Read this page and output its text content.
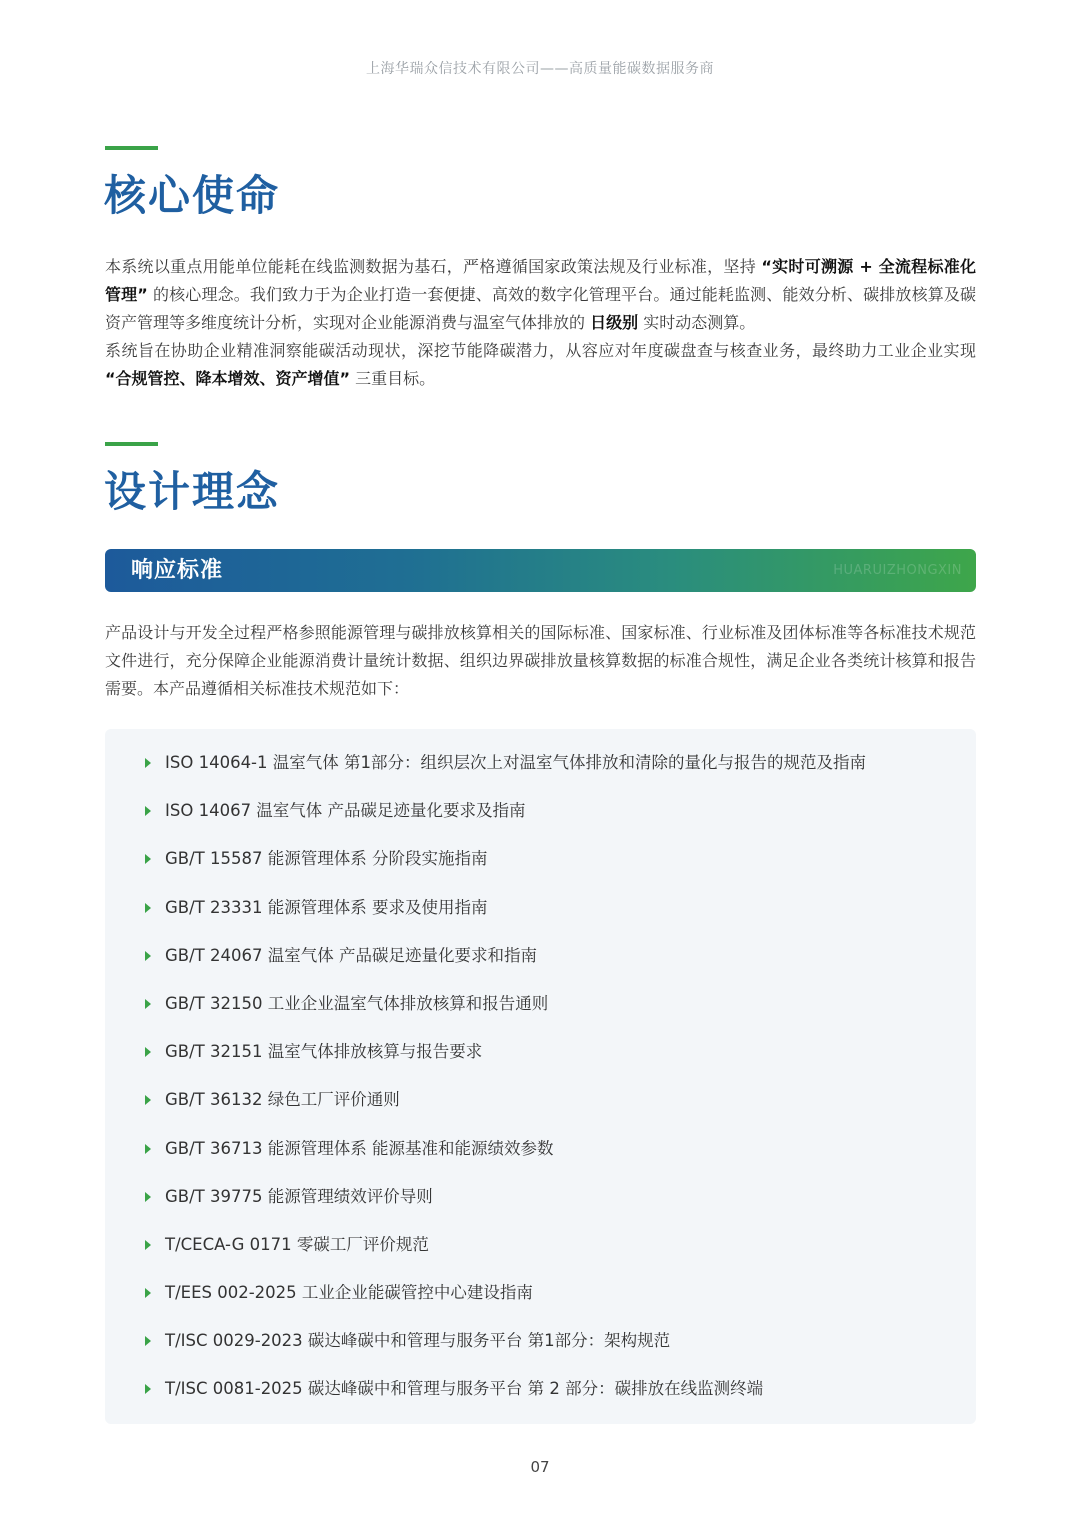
上海华瑞众信技术有限公司——高质量能碳数据服务商
核心使命

本系统以重点用能单位能耗在线监测数据为基石，严格遵循国家政策法规及行业标准，坚持 “实时可溯源 + 全流程标准化管理” 的核心理念。我们致力于为企业打造一套便捷、高效的数字化管理平台。通过能耗监测、能效分析、碳排放核算及碳资产管理等多维度统计分析，实现对企业能源消费与温室气体排放的 日级别 实时动态测算。

系统旨在协助企业精准洞察能碳活动现状，深挖节能降碳潜力，从容应对年度碳盘查与核查业务，最终助力工业企业实现 “合规管控、降本增效、资产增值” 三重目标。

设计理念
响应标准	HUARUIZHONGXIN

产品设计与开发全过程严格参照能源管理与碳排放核算相关的国际标准、国家标准、行业标准及团体标准等各标准技术规范文件进行，充分保障企业能源消费计量统计数据、组织边界碳排放量核算数据的标准合规性，满足企业各类统计核算和报告需要。本产品遵循相关标准技术规范如下：

ISO 14064-1 温室气体 第1部分：组织层次上对温室气体排放和清除的量化与报告的规范及指南
ISO 14067 温室气体 产品碳足迹量化要求及指南
GB/T 15587 能源管理体系 分阶段实施指南
GB/T 23331 能源管理体系 要求及使用指南
GB/T 24067 温室气体 产品碳足迹量化要求和指南
GB/T 32150 工业企业温室气体排放核算和报告通则
GB/T 32151 温室气体排放核算与报告要求
GB/T 36132 绿色工厂评价通则
GB/T 36713 能源管理体系 能源基准和能源绩效参数
GB/T 39775 能源管理绩效评价导则
T/CECA-G 0171 零碳工厂评价规范
T/EES 002-2025 工业企业能碳管控中心建设指南
T/ISC 0029-2023 碳达峰碳中和管理与服务平台 第1部分：架构规范
T/ISC 0081-2025 碳达峰碳中和管理与服务平台 第 2 部分：碳排放在线监测终端
07
